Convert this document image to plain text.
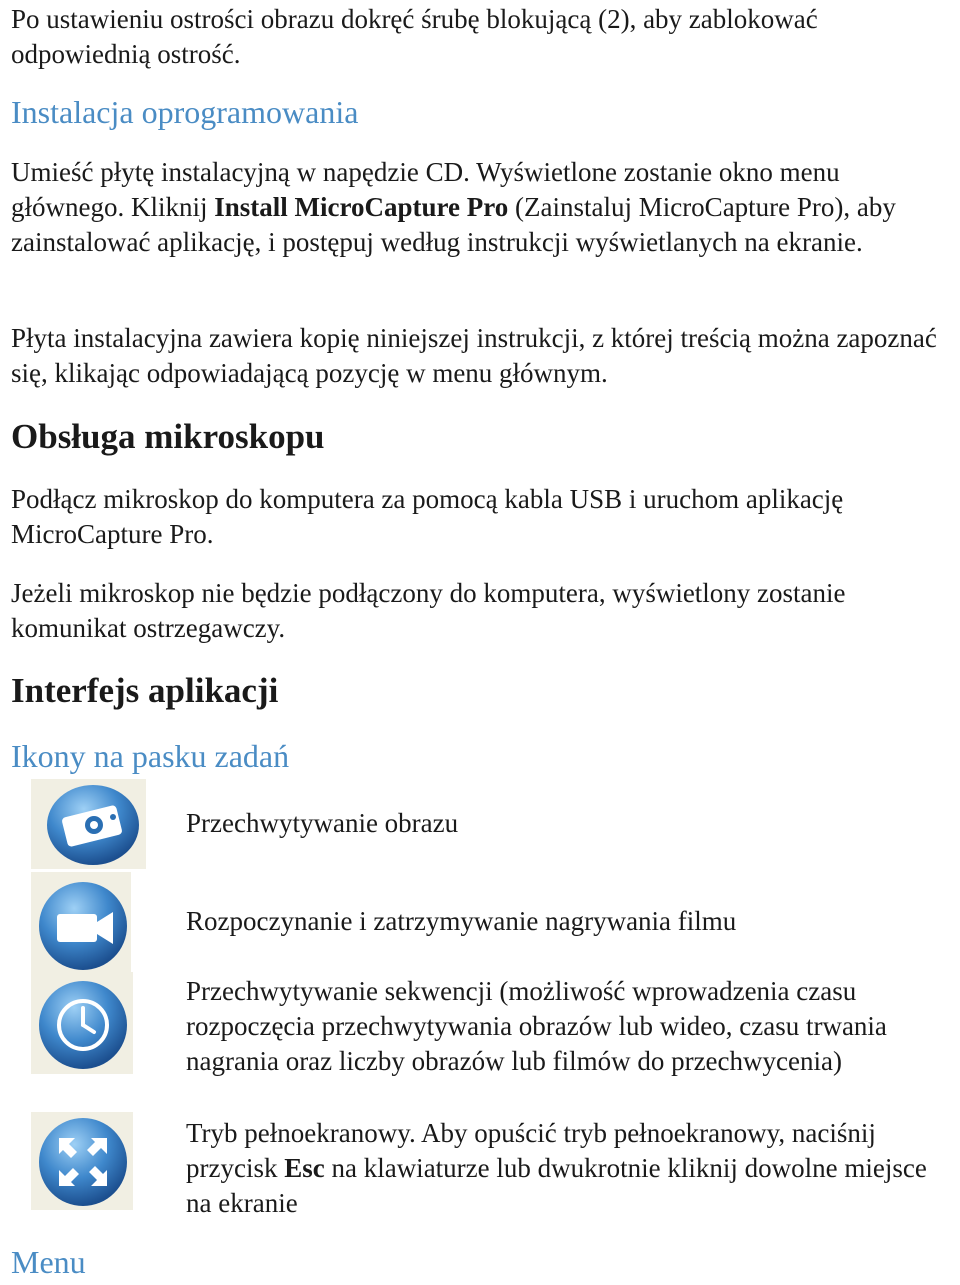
Po ustawieniu ostrości obrazu dokręć śrubę blokującą (2), aby zablokować odpowiednią ostrość.
Instalacja oprogramowania
Umieść płytę instalacyjną w napędzie CD. Wyświetlone zostanie okno menu głównego. Kliknij Install MicroCapture Pro (Zainstaluj MicroCapture Pro), aby zainstalować aplikację, i postępuj według instrukcji wyświetlanych na ekranie.
Płyta instalacyjna zawiera kopię niniejszej instrukcji, z której treścią można zapoznać się, klikając odpowiadającą pozycję w menu głównym.
Obsługa mikroskopu
Podłącz mikroskop do komputera za pomocą kabla USB i uruchom aplikację MicroCapture Pro.
Jeżeli mikroskop nie będzie podłączony do komputera, wyświetlony zostanie komunikat ostrzegawczy.
Interfejs aplikacji
Ikony na pasku zadań
Przechwytywanie obrazu
Rozpoczynanie i zatrzymywanie nagrywania filmu
Przechwytywanie sekwencji (możliwość wprowadzenia czasu rozpoczęcia przechwytywania obrazów lub wideo, czasu trwania nagrania oraz liczby obrazów lub filmów do przechwycenia)
Tryb pełnoekranowy. Aby opuścić tryb pełnoekranowy, naciśnij przycisk Esc na klawiaturze lub dwukrotnie kliknij dowolne miejsce na ekranie
Menu
